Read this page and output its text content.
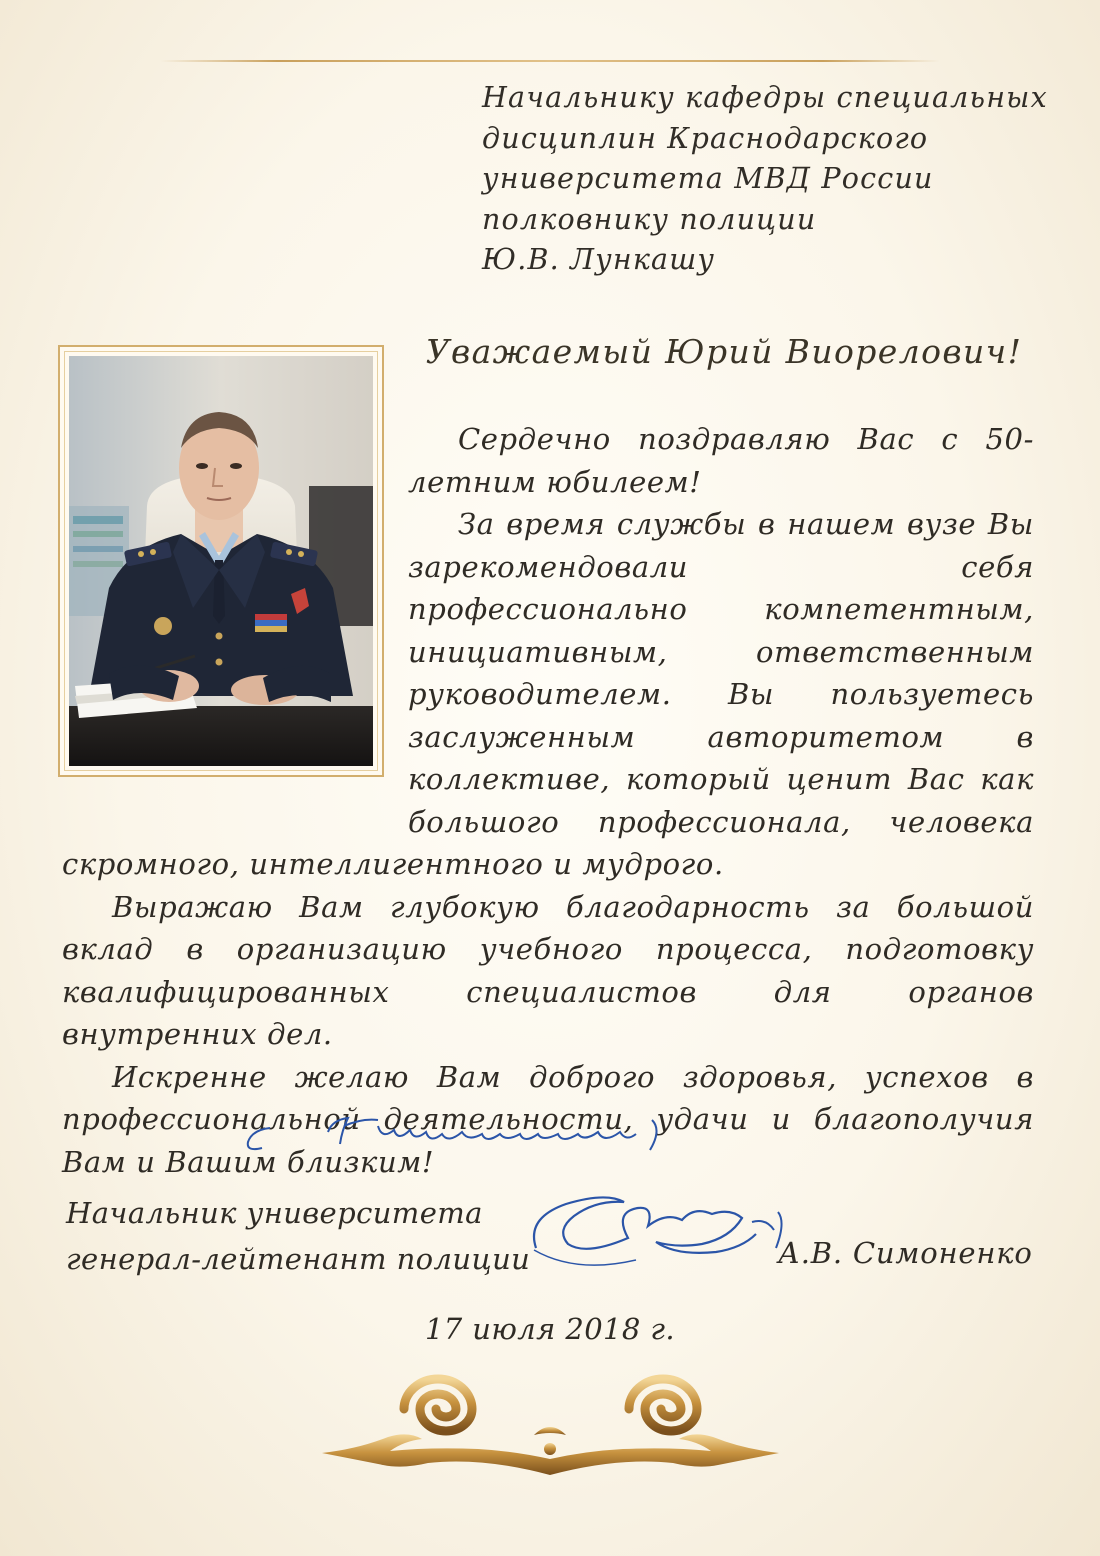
Начальнику кафедры специальных
дисциплин Краснодарского
университета МВД России
полковнику полиции
Ю.В. Лункашу
Уважаемый Юрий Виорелович!

Сердечно поздравляю Вас с 50-летним юбилеем!

За время службы в нашем вузе Вы зарекомендовали себя профессионально компетентным, инициативным, ответственным руководителем. Вы пользуетесь заслуженным авторитетом в коллективе, который ценит Вас как большого профессионала, человека скромного, интеллигентного и мудрого.

Выражаю Вам глубокую благодарность за большой вклад в организацию учебного процесса, подготовку квалифицированных специалистов для органов внутренних дел.

Искренне желаю Вам доброго здоровья, успехов в профессиональной деятельности, удачи и благополучия Вам и Вашим близким!

Начальник университета
генерал-лейтенант полиции	А.В. Симоненко
17 июля 2018 г.
